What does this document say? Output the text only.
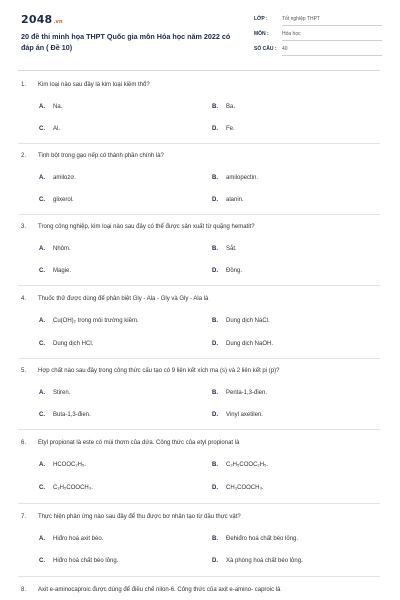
2048.vn
20 đề thi minh họa THPT Quốc gia môn Hóa học năm 2022 có đáp án ( Đề 10)
LỚP :	Tốt nghiệp THPT
MÔN :	Hóa học
SỐ CÂU : 40
1. Kim loại nào sau đây là kim loại kiềm thổ?
A. Na.	B. Ba.
C. Al.	D. Fe.
2. Tinh bột trong gạo nếp có thành phần chính là?
A. amilozơ.	B. amilopectin.
C. glixerol.	D. alanin.
3. Trong công nghiệp, kim loại nào sau đây có thể được sản xuất từ quặng hematit?
A. Nhôm.	B. Sắt.
C. Magie.	D. Đồng.
4. Thuốc thử được dùng để phân biệt Gly - Ala - Gly và Gly - Ala là
A. Cu(OH)₂ trong môi trường kiềm.	B. Dung dịch NaCl.
C. Dung dịch HCl.	D. Dung dịch NaOH.
5. Hợp chất nào sau đây trong công thức cấu tạo có 9 liên kết xích ma (s) và 2 liên kết pi (p)?
A. Stiren.	B. Penta-1,3-đien.
C. Buta-1,3-đien.	D. Vinyl axetilen.
6. Etyl propionat là este có mùi thơm của dứa. Công thức của etyl propionat là
A. HCOOC₂H₅.	B. C₂H₅COOC₂H₅.
C. C₂H₅COOCH₃.	D. CH₃COOCH₃.
7. Thực hiện phản ứng nào sau đây để thu được bơ nhân tạo từ dầu thực vật?
A. Hiđro hoá axit béo.	B. Đehiđro hoá chất béo lỏng.
C. Hiđro hoá chất béo lỏng.	D. Xà phòng hoá chất béo lỏng.
8. Axit e-aminocaproic được dùng để điều chế nilon-6. Công thức của axit e-amino- caproic là
